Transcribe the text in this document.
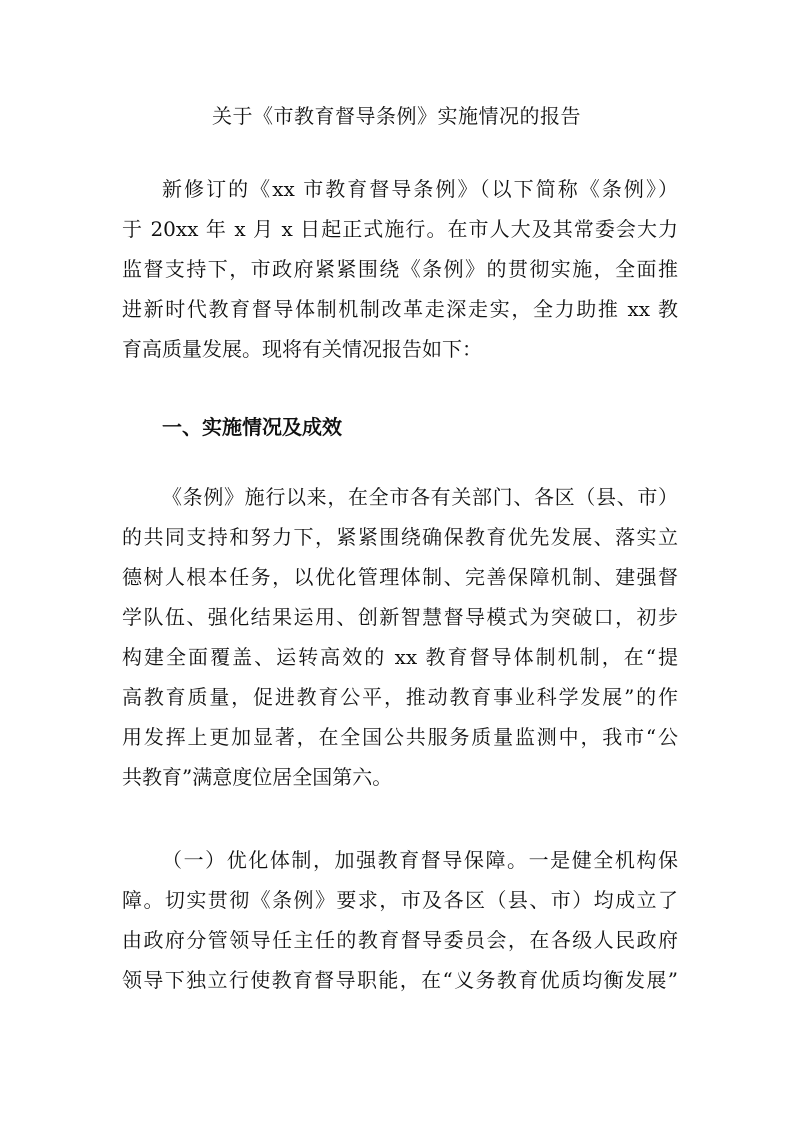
关于《市教育督导条例》实施情况的报告
新修订的《xx 市教育督导条例》（以下简称《条例》）
于 20xx 年 x 月 x 日起正式施行。在市人大及其常委会大力
监督支持下，市政府紧紧围绕《条例》的贯彻实施，全面推
进新时代教育督导体制机制改革走深走实，全力助推 xx 教
育高质量发展。现将有关情况报告如下：
一、实施情况及成效
《条例》施行以来，在全市各有关部门、各区（县、市）
的共同支持和努力下，紧紧围绕确保教育优先发展、落实立
德树人根本任务，以优化管理体制、完善保障机制、建强督
学队伍、强化结果运用、创新智慧督导模式为突破口，初步
构建全面覆盖、运转高效的 xx 教育督导体制机制，在“提
高教育质量，促进教育公平，推动教育事业科学发展”的作
用发挥上更加显著，在全国公共服务质量监测中，我市“公
共教育”满意度位居全国第六。
（一）优化体制，加强教育督导保障。一是健全机构保
障。切实贯彻《条例》要求，市及各区（县、市）均成立了
由政府分管领导任主任的教育督导委员会，在各级人民政府
领导下独立行使教育督导职能，在“义务教育优质均衡发展”
